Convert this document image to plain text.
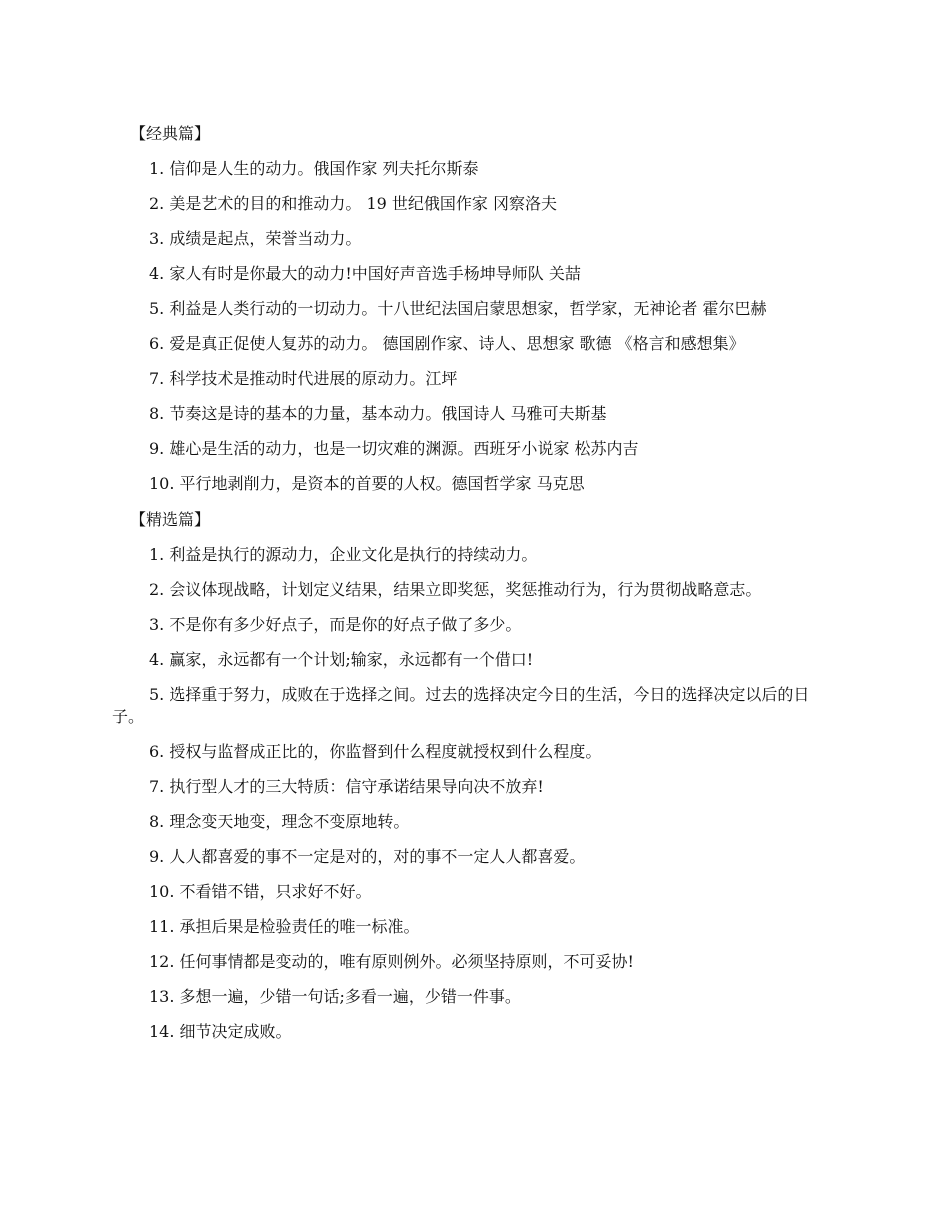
【经典篇】

1. 信仰是人生的动力。俄国作家 列夫托尔斯泰

2. 美是艺术的目的和推动力。 19 世纪俄国作家 冈察洛夫

3. 成绩是起点，荣誉当动力。

4. 家人有时是你最大的动力!中国好声音选手杨坤导师队 关喆

5. 利益是人类行动的一切动力。十八世纪法国启蒙思想家，哲学家，无神论者 霍尔巴赫

6. 爱是真正促使人复苏的动力。 德国剧作家、诗人、思想家 歌德 《格言和感想集》

7. 科学技术是推动时代进展的原动力。江坪

8. 节奏这是诗的基本的力量，基本动力。俄国诗人 马雅可夫斯基

9. 雄心是生活的动力，也是一切灾难的渊源。西班牙小说家 松苏内吉

10. 平行地剥削力，是资本的首要的人权。德国哲学家 马克思

【精选篇】

1. 利益是执行的源动力，企业文化是执行的持续动力。

2. 会议体现战略，计划定义结果，结果立即奖惩，奖惩推动行为，行为贯彻战略意志。

3. 不是你有多少好点子，而是你的好点子做了多少。

4. 赢家，永远都有一个计划;输家，永远都有一个借口!

5. 选择重于努力，成败在于选择之间。过去的选择决定今日的生活，今日的选择决定以后的日子。

6. 授权与监督成正比的，你监督到什么程度就授权到什么程度。

7. 执行型人才的三大特质：信守承诺结果导向决不放弃!

8. 理念变天地变，理念不变原地转。

9. 人人都喜爱的事不一定是对的，对的事不一定人人都喜爱。

10. 不看错不错，只求好不好。

11. 承担后果是检验责任的唯一标准。

12. 任何事情都是变动的，唯有原则例外。必须坚持原则，不可妥协!

13. 多想一遍，少错一句话;多看一遍，少错一件事。

14. 细节决定成败。
